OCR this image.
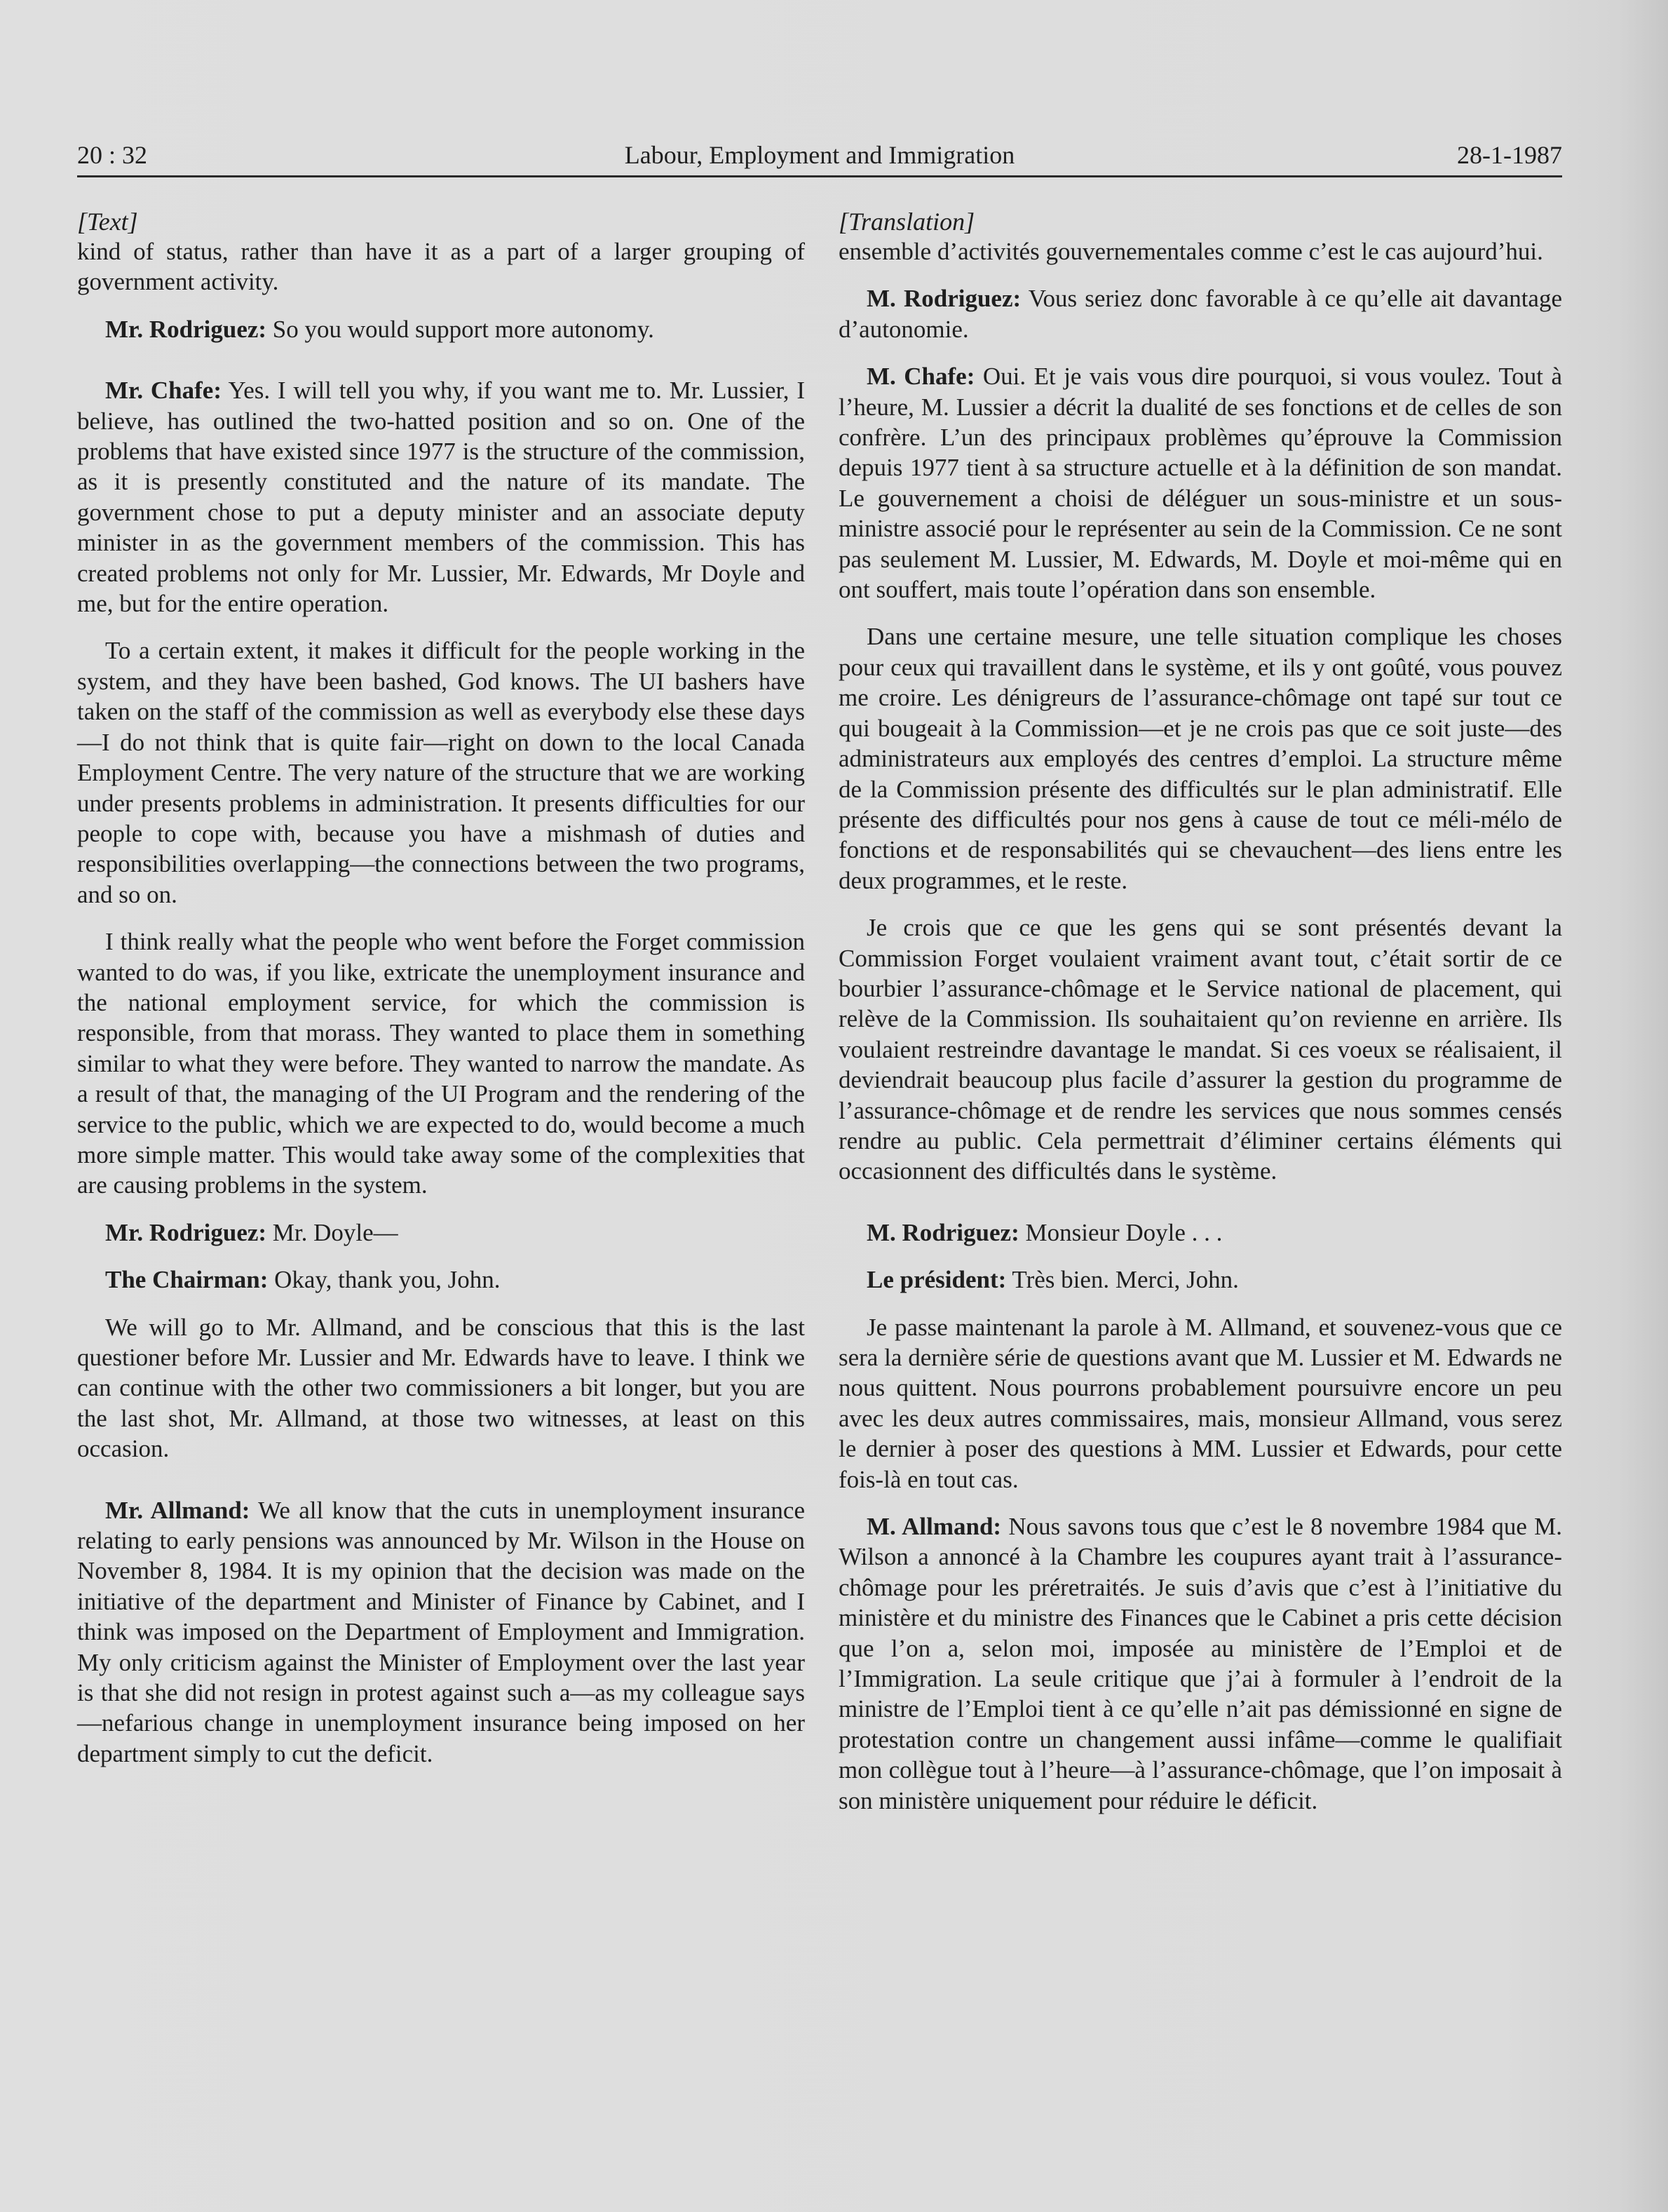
Labour, Employment and Immigration
20 : 32	28-1-1987
[Text]

kind of status, rather than have it as a part of a larger grouping of government activity.

Mr. Rodriguez: So you would support more autonomy.

Mr. Chafe: Yes. I will tell you why, if you want me to. Mr. Lussier, I believe, has outlined the two-hatted position and so on. One of the problems that have existed since 1977 is the structure of the commission, as it is presently constituted and the nature of its mandate. The government chose to put a deputy minister and an associate deputy minister in as the government members of the commission. This has created problems not only for Mr. Lussier, Mr. Edwards, Mr Doyle and me, but for the entire operation.

To a certain extent, it makes it difficult for the people working in the system, and they have been bashed, God knows. The UI bashers have taken on the staff of the commission as well as everybody else these days—I do not think that is quite fair—right on down to the local Canada Employment Centre. The very nature of the structure that we are working under presents problems in administration. It presents difficulties for our people to cope with, because you have a mishmash of duties and responsibilities overlapping—the connections between the two programs, and so on.

I think really what the people who went before the Forget commission wanted to do was, if you like, extricate the unemployment insurance and the national employment service, for which the commission is responsible, from that morass. They wanted to place them in something similar to what they were before. They wanted to narrow the mandate. As a result of that, the managing of the UI Program and the rendering of the service to the public, which we are expected to do, would become a much more simple matter. This would take away some of the complexities that are causing problems in the system.

Mr. Rodriguez: Mr. Doyle—

The Chairman: Okay, thank you, John.

We will go to Mr. Allmand, and be conscious that this is the last questioner before Mr. Lussier and Mr. Edwards have to leave. I think we can continue with the other two commissioners a bit longer, but you are the last shot, Mr. Allmand, at those two witnesses, at least on this occasion.

Mr. Allmand: We all know that the cuts in unemployment insurance relating to early pensions was announced by Mr. Wilson in the House on November 8, 1984. It is my opinion that the decision was made on the initiative of the department and Minister of Finance by Cabinet, and I think was imposed on the Department of Employment and Immigration. My only criticism against the Minister of Employment over the last year is that she did not resign in protest against such a—as my colleague says—nefarious change in unemployment insurance being imposed on her department simply to cut the deficit.

[Translation]

ensemble d’activités gouvernementales comme c’est le cas aujourd’hui.

M. Rodriguez: Vous seriez donc favorable à ce qu’elle ait davantage d’autonomie.

M. Chafe: Oui. Et je vais vous dire pourquoi, si vous voulez. Tout à l’heure, M. Lussier a décrit la dualité de ses fonctions et de celles de son confrère. L’un des principaux problèmes qu’éprouve la Commission depuis 1977 tient à sa structure actuelle et à la définition de son mandat. Le gouvernement a choisi de déléguer un sous-ministre et un sous-ministre associé pour le représenter au sein de la Commission. Ce ne sont pas seulement M. Lussier, M. Edwards, M. Doyle et moi-même qui en ont souffert, mais toute l’opération dans son ensemble.

Dans une certaine mesure, une telle situation complique les choses pour ceux qui travaillent dans le système, et ils y ont goûté, vous pouvez me croire. Les dénigreurs de l’assurance-chômage ont tapé sur tout ce qui bougeait à la Commission—et je ne crois pas que ce soit juste—des administrateurs aux employés des centres d’emploi. La structure même de la Commission présente des difficultés sur le plan administratif. Elle présente des difficultés pour nos gens à cause de tout ce méli-mélo de fonctions et de responsabilités qui se chevauchent—des liens entre les deux programmes, et le reste.

Je crois que ce que les gens qui se sont présentés devant la Commission Forget voulaient vraiment avant tout, c’était sortir de ce bourbier l’assurance-chômage et le Service national de placement, qui relève de la Commission. Ils souhaitaient qu’on revienne en arrière. Ils voulaient restreindre davantage le mandat. Si ces voeux se réalisaient, il deviendrait beaucoup plus facile d’assurer la gestion du programme de l’assurance-chômage et de rendre les services que nous sommes censés rendre au public. Cela permettrait d’éliminer certains éléments qui occasionnent des difficultés dans le système.

M. Rodriguez: Monsieur Doyle . . .

Le président: Très bien. Merci, John.

Je passe maintenant la parole à M. Allmand, et souvenez-vous que ce sera la dernière série de questions avant que M. Lussier et M. Edwards ne nous quittent. Nous pourrons probablement poursuivre encore un peu avec les deux autres commissaires, mais, monsieur Allmand, vous serez le dernier à poser des questions à MM. Lussier et Edwards, pour cette fois-là en tout cas.

M. Allmand: Nous savons tous que c’est le 8 novembre 1984 que M. Wilson a annoncé à la Chambre les coupures ayant trait à l’assurance-chômage pour les préretraités. Je suis d’avis que c’est à l’initiative du ministère et du ministre des Finances que le Cabinet a pris cette décision que l’on a, selon moi, imposée au ministère de l’Emploi et de l’Immigration. La seule critique que j’ai à formuler à l’endroit de la ministre de l’Emploi tient à ce qu’elle n’ait pas démissionné en signe de protestation contre un changement aussi infâme—comme le qualifiait mon collègue tout à l’heure—à l’assurance-chômage, que l’on imposait à son ministère uniquement pour réduire le déficit.
